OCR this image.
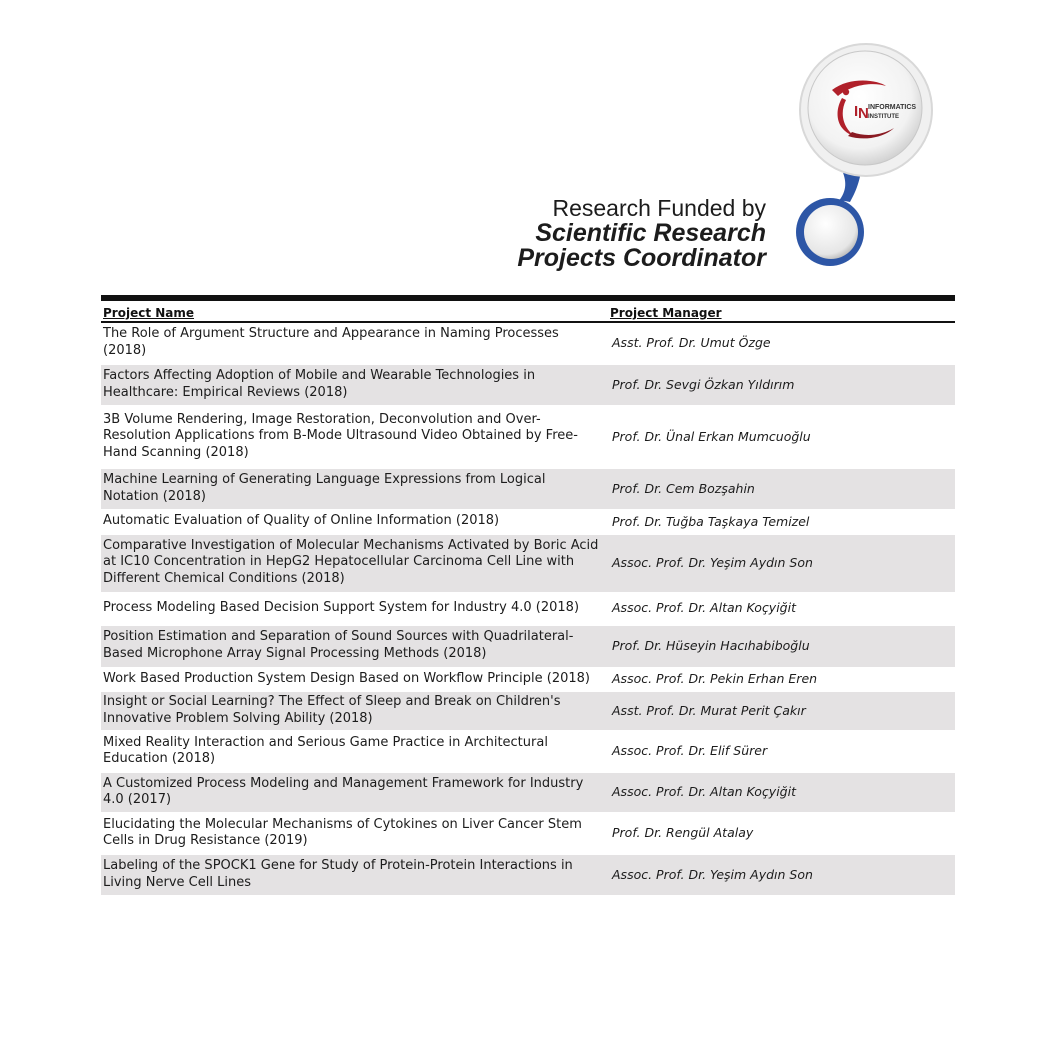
I N INFORMATICS
INSTITUTE
Research Funded by
Scientific Research
Projects Coordinator
Project Name	Project Manager
The Role of Argument Structure and Appearance in Naming Processes (2018)	Asst. Prof. Dr. Umut Özge
Factors Affecting Adoption of Mobile and Wearable Technologies in Healthcare: Empirical Reviews (2018)	Prof. Dr. Sevgi Özkan Yıldırım
3B Volume Rendering, Image Restoration, Deconvolution and Over-Resolution Applications from B-Mode Ultrasound Video Obtained by Free-Hand Scanning (2018)	Prof. Dr. Ünal Erkan Mumcuoğlu
Machine Learning of Generating Language Expressions from Logical Notation (2018)	Prof. Dr. Cem Bozşahin
Automatic Evaluation of Quality of Online Information (2018)	Prof. Dr. Tuğba Taşkaya Temizel
Comparative Investigation of Molecular Mechanisms Activated by Boric Acid at IC10 Concentration in HepG2 Hepatocellular Carcinoma Cell Line with Different Chemical Conditions (2018)	Assoc. Prof. Dr. Yeşim Aydın Son
Process Modeling Based Decision Support System for Industry 4.0 (2018)	Assoc. Prof. Dr. Altan Koçyiğit
Position Estimation and Separation of Sound Sources with Quadrilateral-Based Microphone Array Signal Processing Methods (2018)	Prof. Dr. Hüseyin Hacıhabiboğlu
Work Based Production System Design Based on Workflow Principle (2018)	Assoc. Prof. Dr. Pekin Erhan Eren
Insight or Social Learning? The Effect of Sleep and Break on Children's Innovative Problem Solving Ability (2018)	Asst. Prof. Dr. Murat Perit Çakır
Mixed Reality Interaction and Serious Game Practice in Architectural Education (2018)	Assoc. Prof. Dr. Elif Sürer
A Customized Process Modeling and Management Framework for Industry 4.0 (2017)	Assoc. Prof. Dr. Altan Koçyiğit
Elucidating the Molecular Mechanisms of Cytokines on Liver Cancer Stem Cells in Drug Resistance (2019)	Prof. Dr. Rengül Atalay
Labeling of the SPOCK1 Gene for Study of Protein-Protein Interactions in Living Nerve Cell Lines	Assoc. Prof. Dr. Yeşim Aydın Son
